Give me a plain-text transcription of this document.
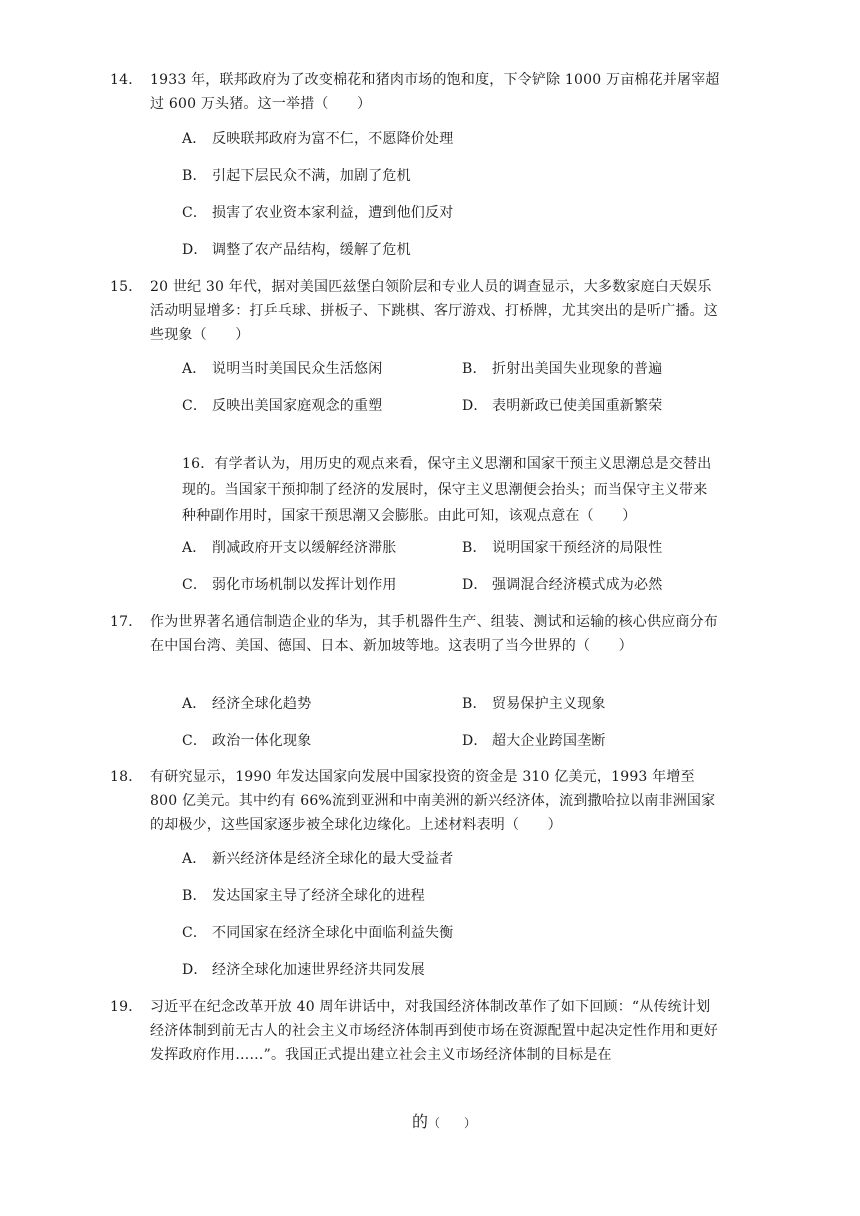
14． 1933 年，联邦政府为了改变棉花和猪肉市场的饱和度，下令铲除 1000 万亩棉花并屠宰超过 600 万头猪。这一举措（　　）
A． 反映联邦政府为富不仁，不愿降价处理
B． 引起下层民众不满，加剧了危机
C． 损害了农业资本家利益，遭到他们反对
D． 调整了农产品结构，缓解了危机
15． 20 世纪 30 年代，据对美国匹兹堡白领阶层和专业人员的调查显示，大多数家庭白天娱乐活动明显增多：打乒乓球、拼板子、下跳棋、客厅游戏、打桥牌，尤其突出的是听广播。这些现象（　　）
A． 说明当时美国民众生活悠闲	B． 折射出美国失业现象的普遍
C． 反映出美国家庭观念的重塑	D． 表明新政已使美国重新繁荣
16．有学者认为，用历史的观点来看，保守主义思潮和国家干预主义思潮总是交替出现的。当国家干预抑制了经济的发展时，保守主义思潮便会抬头；而当保守主义带来种种副作用时，国家干预思潮又会膨胀。由此可知，该观点意在（　　）
A． 削减政府开支以缓解经济滞胀	B． 说明国家干预经济的局限性
C． 弱化市场机制以发挥计划作用	D． 强调混合经济模式成为必然
17． 作为世界著名通信制造企业的华为，其手机器件生产、组装、测试和运输的核心供应商分布在中国台湾、美国、德国、日本、新加坡等地。这表明了当今世界的（　　）
A． 经济全球化趋势	B． 贸易保护主义现象
C． 政治一体化现象	D． 超大企业跨国垄断
18． 有研究显示，1990 年发达国家向发展中国家投资的资金是 310 亿美元，1993 年增至 800 亿美元。其中约有 66%流到亚洲和中南美洲的新兴经济体，流到撒哈拉以南非洲国家的却极少，这些国家逐步被全球化边缘化。上述材料表明（　　）
A． 新兴经济体是经济全球化的最大受益者
B． 发达国家主导了经济全球化的进程
C． 不同国家在经济全球化中面临利益失衡
D． 经济全球化加速世界经济共同发展
19． 习近平在纪念改革开放 40 周年讲话中，对我国经济体制改革作了如下回顾：“从传统计划经济体制到前无古人的社会主义市场经济体制再到使市场在资源配置中起决定性作用和更好发挥政府作用……”。我国正式提出建立社会主义市场经济体制的目标是在
的（　　）
